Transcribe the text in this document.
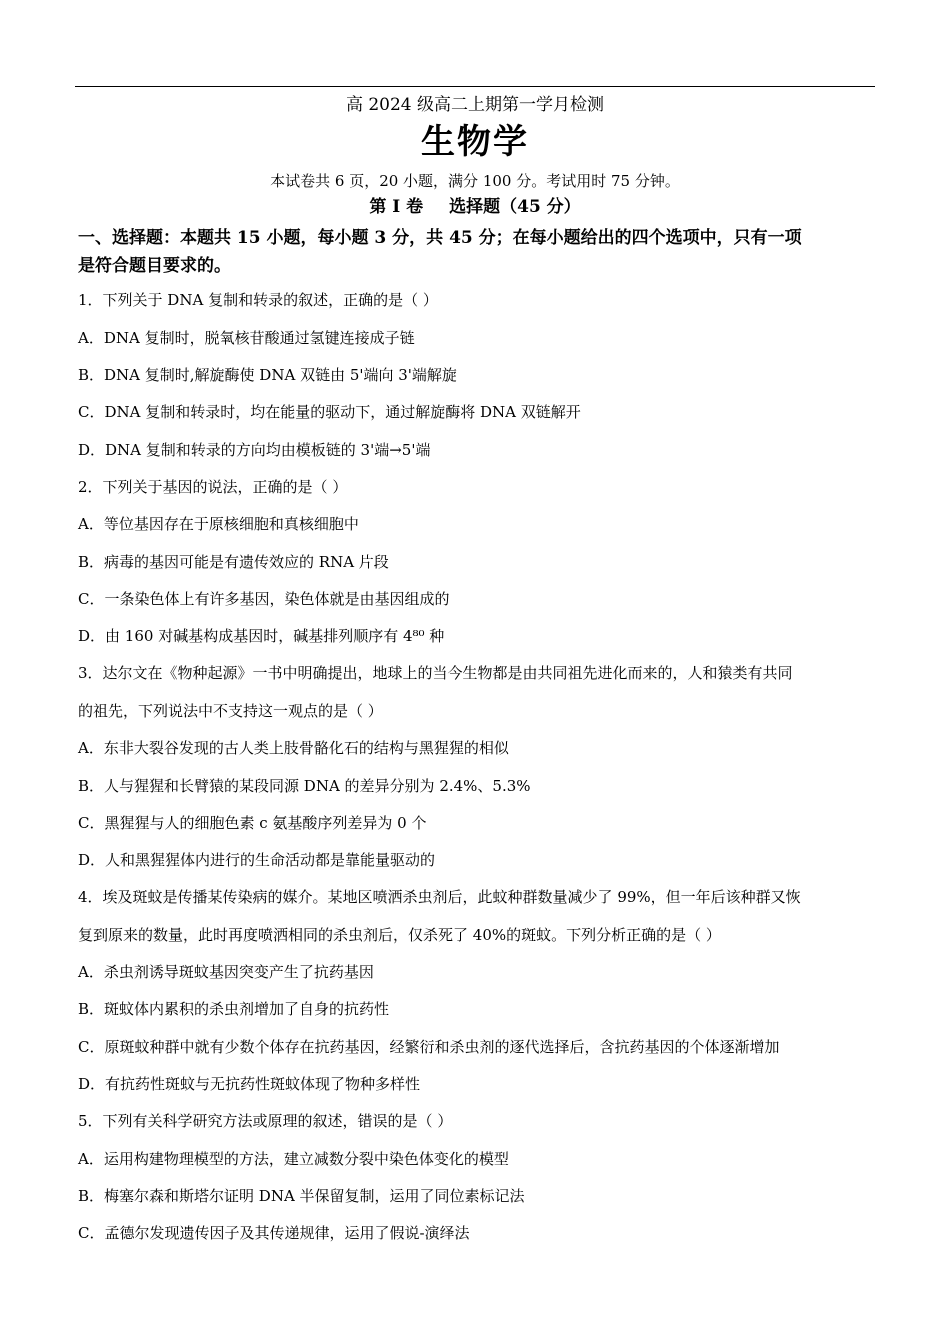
高 2024 级高二上期第一学月检测
生物学
本试卷共 6 页，20 小题，满分 100 分。考试用时 75 分钟。
第 I 卷 选择题（45 分）
一、选择题：本题共 15 小题，每小题 3 分，共 45 分；在每小题给出的四个选项中，只有一项
是符合题目要求的。
1．下列关于 DNA 复制和转录的叙述，正确的是（ ）
A．DNA 复制时，脱氧核苷酸通过氢键连接成子链
B．DNA 复制时,解旋酶使 DNA 双链由 5'端向 3'端解旋
C．DNA 复制和转录时，均在能量的驱动下，通过解旋酶将 DNA 双链解开
D．DNA 复制和转录的方向均由模板链的 3'端→5'端
2．下列关于基因的说法，正确的是（ ）
A．等位基因存在于原核细胞和真核细胞中
B．病毒的基因可能是有遗传效应的 RNA 片段
C．一条染色体上有许多基因，染色体就是由基因组成的
D．由 160 对碱基构成基因时，碱基排列顺序有 4⁸⁰ 种
3．达尔文在《物种起源》一书中明确提出，地球上的当今生物都是由共同祖先进化而来的，人和猿类有共同
的祖先，下列说法中不支持这一观点的是（ ）
A．东非大裂谷发现的古人类上肢骨骼化石的结构与黑猩猩的相似
B．人与猩猩和长臂猿的某段同源 DNA 的差异分别为 2.4%、5.3%
C．黑猩猩与人的细胞色素 c 氨基酸序列差异为 0 个
D．人和黑猩猩体内进行的生命活动都是靠能量驱动的
4．埃及斑蚊是传播某传染病的媒介。某地区喷洒杀虫剂后，此蚊种群数量减少了 99%，但一年后该种群又恢
复到原来的数量，此时再度喷洒相同的杀虫剂后，仅杀死了 40%的斑蚊。下列分析正确的是（ ）
A．杀虫剂诱导斑蚊基因突变产生了抗药基因
B．斑蚊体内累积的杀虫剂增加了自身的抗药性
C．原斑蚊种群中就有少数个体存在抗药基因，经繁衍和杀虫剂的逐代选择后，含抗药基因的个体逐渐增加
D．有抗药性斑蚊与无抗药性斑蚊体现了物种多样性
5．下列有关科学研究方法或原理的叙述，错误的是（ ）
A．运用构建物理模型的方法，建立减数分裂中染色体变化的模型
B．梅塞尔森和斯塔尔证明 DNA 半保留复制，运用了同位素标记法
C．孟德尔发现遗传因子及其传递规律，运用了假说-演绎法
